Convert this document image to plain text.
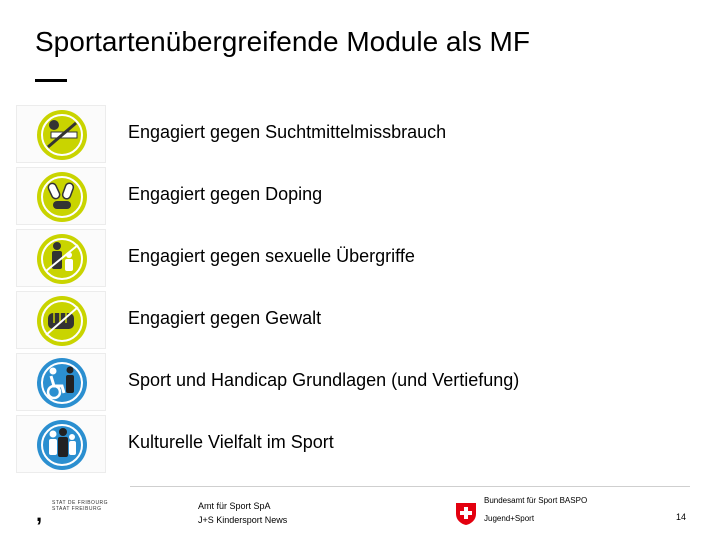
Sportartenübergreifende Module als MF
Engagiert gegen Suchtmittelmissbrauch
Engagiert gegen Doping
Engagiert gegen sexuelle Übergriffe
Engagiert gegen Gewalt
Sport und Handicap Grundlagen (und Vertiefung)
Kulturelle Vielfalt im Sport
, STAT DE FRIBOURG
STAAT FREIBURG	Amt für Sport SpA
J+S Kindersport News
Bundesamt für Sport BASPO
Jugend+Sport	14
